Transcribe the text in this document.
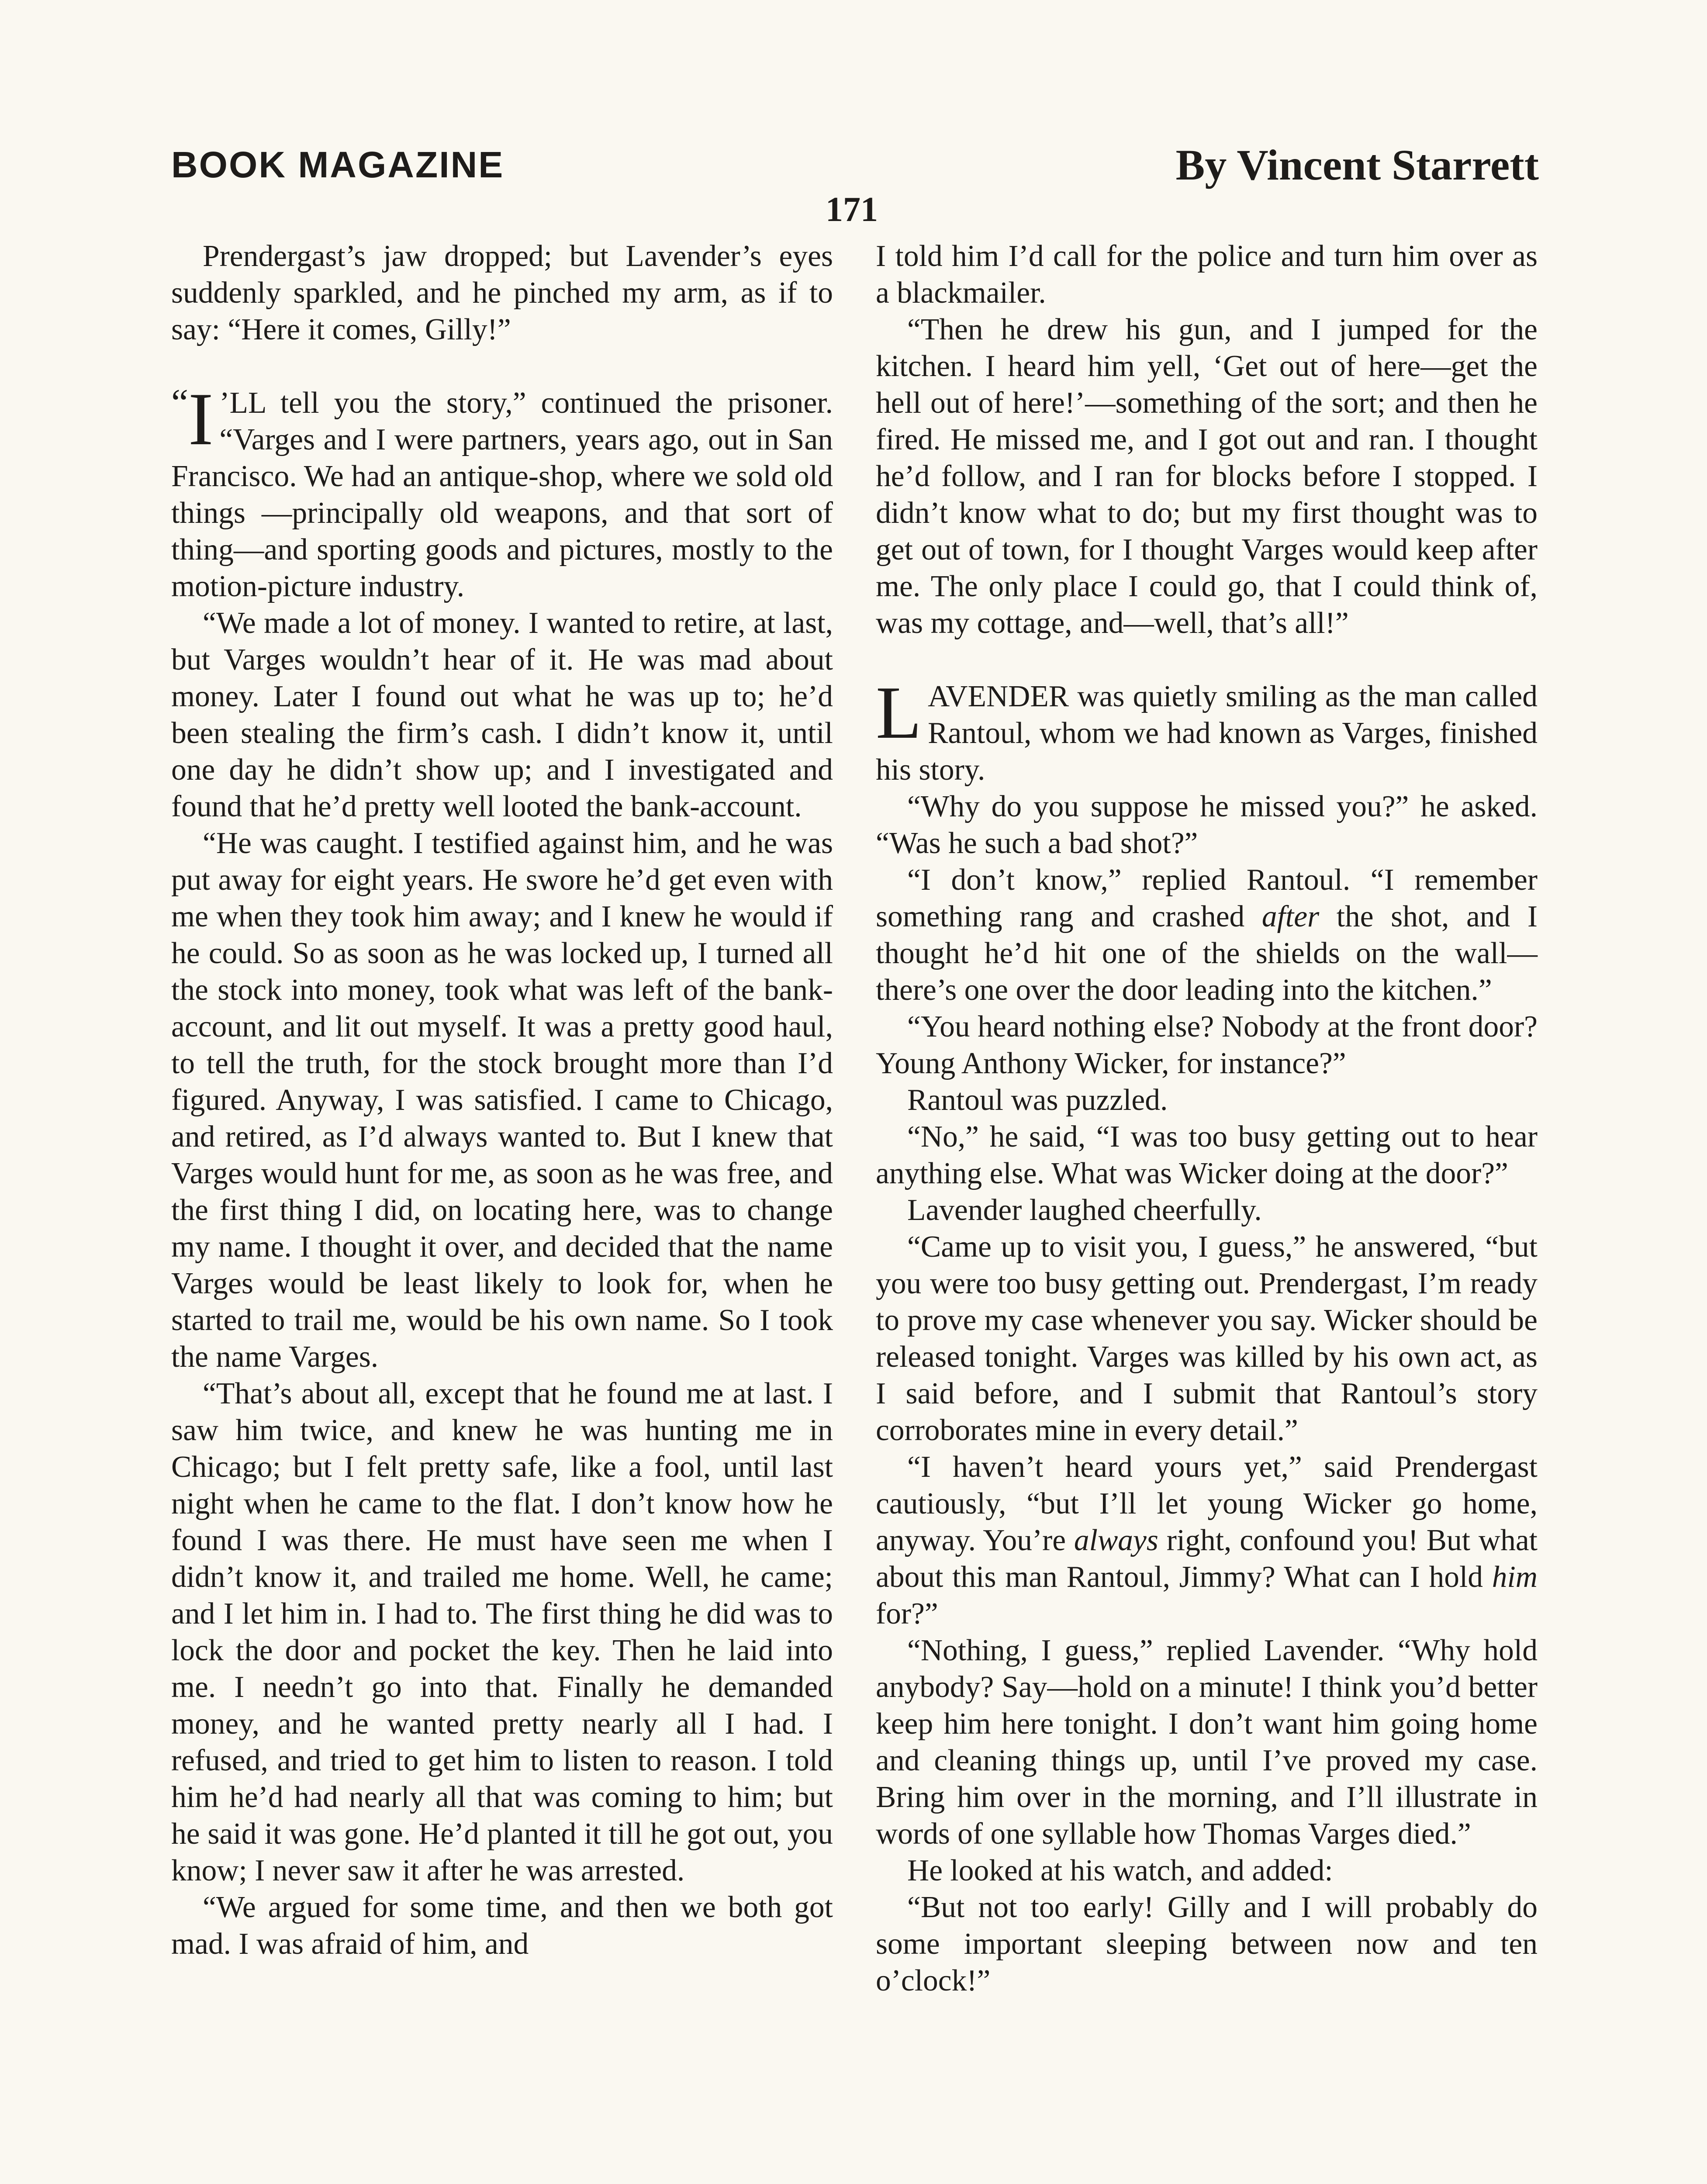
BOOK MAGAZINE	By Vincent Starrett
171

Prendergast’s jaw dropped; but Lavender’s eyes suddenly sparkled, and he pinched my arm, as if to say: “Here it comes, Gilly!”

“ I ’LL tell you the story,” continued the prisoner. “Varges and I were partners, years ago, out in San Francisco. We had an antique-shop, where we sold old things —principally old weapons, and that sort of thing—and sporting goods and pictures, mostly to the motion-picture industry.

“We made a lot of money. I wanted to retire, at last, but Varges wouldn’t hear of it. He was mad about money. Later I found out what he was up to; he’d been stealing the firm’s cash. I didn’t know it, until one day he didn’t show up; and I investigated and found that he’d pretty well looted the bank-account.

“He was caught. I testified against him, and he was put away for eight years. He swore he’d get even with me when they took him away; and I knew he would if he could. So as soon as he was locked up, I turned all the stock into money, took what was left of the bank-account, and lit out myself. It was a pretty good haul, to tell the truth, for the stock brought more than I’d figured. Anyway, I was satisfied. I came to Chicago, and retired, as I’d always wanted to. But I knew that Varges would hunt for me, as soon as he was free, and the first thing I did, on locating here, was to change my name. I thought it over, and decided that the name Varges would be least likely to look for, when he started to trail me, would be his own name. So I took the name Varges.

“That’s about all, except that he found me at last. I saw him twice, and knew he was hunting me in Chicago; but I felt pretty safe, like a fool, until last night when he came to the flat. I don’t know how he found I was there. He must have seen me when I didn’t know it, and trailed me home. Well, he came; and I let him in. I had to. The first thing he did was to lock the door and pocket the key. Then he laid into me. I needn’t go into that. Finally he demanded money, and he wanted pretty nearly all I had. I refused, and tried to get him to listen to reason. I told him he’d had nearly all that was coming to him; but he said it was gone. He’d planted it till he got out, you know; I never saw it after he was arrested.

“We argued for some time, and then we both got mad. I was afraid of him, and

I told him I’d call for the police and turn him over as a blackmailer.

“Then he drew his gun, and I jumped for the kitchen. I heard him yell, ‘Get out of here—get the hell out of here!’—something of the sort; and then he fired. He missed me, and I got out and ran. I thought he’d follow, and I ran for blocks before I stopped. I didn’t know what to do; but my first thought was to get out of town, for I thought Varges would keep after me. The only place I could go, that I could think of, was my cottage, and—well, that’s all!”

LAVENDER was quietly smiling as the man called Rantoul, whom we had known as Varges, finished his story.

“Why do you suppose he missed you?” he asked. “Was he such a bad shot?”

“I don’t know,” replied Rantoul. “I remember something rang and crashed after the shot, and I thought he’d hit one of the shields on the wall—there’s one over the door leading into the kitchen.”

“You heard nothing else? Nobody at the front door? Young Anthony Wicker, for instance?”

Rantoul was puzzled.

“No,” he said, “I was too busy getting out to hear anything else. What was Wicker doing at the door?”

Lavender laughed cheerfully.

“Came up to visit you, I guess,” he answered, “but you were too busy getting out. Prendergast, I’m ready to prove my case whenever you say. Wicker should be released tonight. Varges was killed by his own act, as I said before, and I submit that Rantoul’s story corroborates mine in every detail.”

“I haven’t heard yours yet,” said Prendergast cautiously, “but I’ll let young Wicker go home, anyway. You’re always right, confound you! But what about this man Rantoul, Jimmy? What can I hold him for?”

“Nothing, I guess,” replied Lavender. “Why hold anybody? Say—hold on a minute! I think you’d better keep him here tonight. I don’t want him going home and cleaning things up, until I’ve proved my case. Bring him over in the morning, and I’ll illustrate in words of one syllable how Thomas Varges died.”

He looked at his watch, and added:

“But not too early! Gilly and I will probably do some important sleeping between now and ten o’clock!”
